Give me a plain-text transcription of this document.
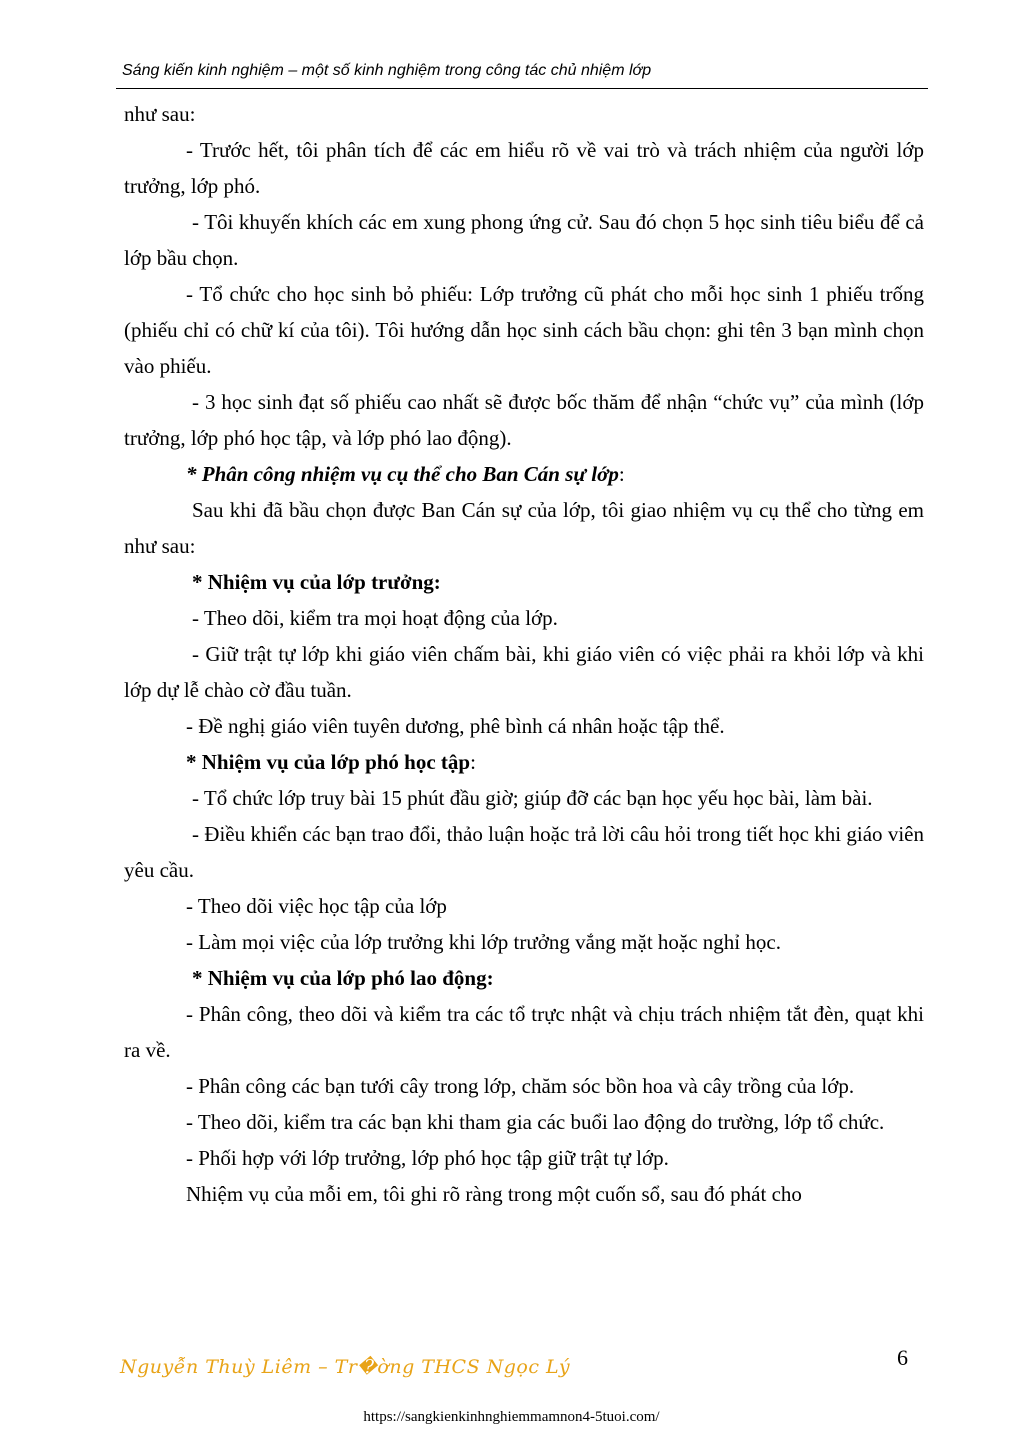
Sáng kiến kinh nghiệm – một số kinh nghiệm trong công tác chủ nhiệm lớp

như sau:

- Trước hết, tôi phân tích để các em hiểu rõ về vai trò và trách nhiệm của người lớp trưởng, lớp phó.

- Tôi khuyến khích các em xung phong ứng cử. Sau đó chọn 5 học sinh tiêu biểu để cả lớp bầu chọn.

- Tổ chức cho học sinh bỏ phiếu: Lớp trưởng cũ phát cho mỗi học sinh 1 phiếu trống (phiếu chỉ có chữ kí của tôi). Tôi hướng dẫn học sinh cách bầu chọn: ghi tên 3 bạn mình chọn vào phiếu.

- 3 học sinh đạt số phiếu cao nhất sẽ được bốc thăm để nhận “chức vụ” của mình (lớp trưởng, lớp phó học tập, và lớp phó lao động).

* Phân công nhiệm vụ cụ thể cho Ban Cán sự lớp:

Sau khi đã bầu chọn được Ban Cán sự của lớp, tôi giao nhiệm vụ cụ thể cho từng em như sau:

* Nhiệm vụ của lớp trưởng:

- Theo dõi, kiểm tra mọi hoạt động của lớp.

- Giữ trật tự lớp khi giáo viên chấm bài, khi giáo viên có việc phải ra khỏi lớp và khi lớp dự lễ chào cờ đầu tuần.

- Đề nghị giáo viên tuyên dương, phê bình cá nhân hoặc tập thể.

* Nhiệm vụ của lớp phó học tập:

- Tổ chức lớp truy bài 15 phút đầu giờ; giúp đỡ các bạn học yếu học bài, làm bài.

- Điều khiển các bạn trao đổi, thảo luận hoặc trả lời câu hỏi trong tiết học khi giáo viên yêu cầu.

- Theo dõi việc học tập của lớp

- Làm mọi việc của lớp trưởng khi lớp trưởng vắng mặt hoặc nghỉ học.

* Nhiệm vụ của lớp phó lao động:

- Phân công, theo dõi và kiểm tra các tổ trực nhật và chịu trách nhiệm tắt đèn, quạt khi ra về.

- Phân công các bạn tưới cây trong lớp, chăm sóc bồn hoa và cây trồng của lớp.

- Theo dõi, kiểm tra các bạn khi tham gia các buổi lao động do trường, lớp tổ chức.

- Phối hợp với lớp trưởng, lớp phó học tập giữ trật tự lớp.

Nhiệm vụ của mỗi em, tôi ghi rõ ràng trong một cuốn sổ, sau đó phát cho

6
Nguyễn Thuỳ Liêm – Tr�ờng THCS Ngọc Lý
https://sangkienkinhnghiemmamnon4-5tuoi.com/
